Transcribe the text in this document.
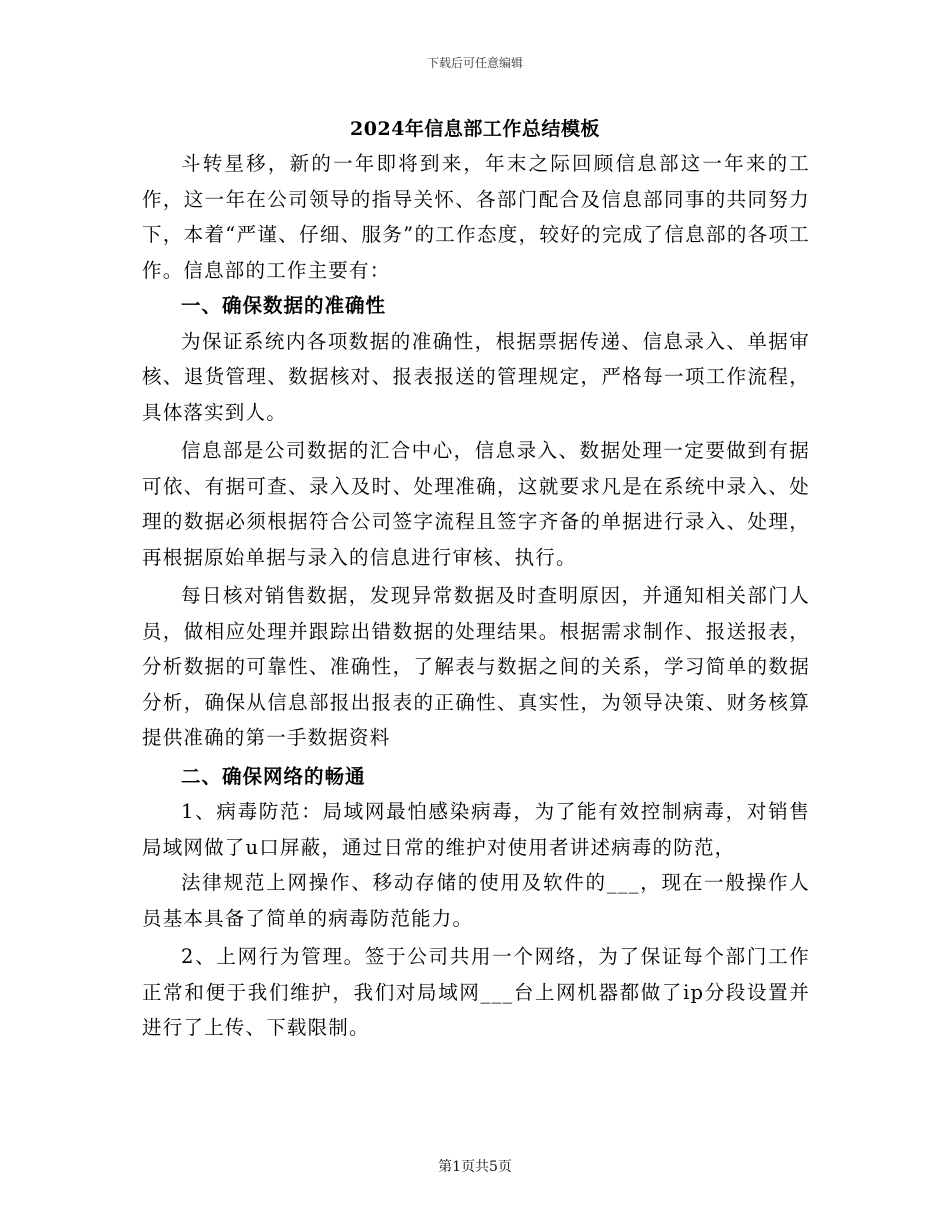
下载后可任意编辑
2024年信息部工作总结模板

斗转星移，新的一年即将到来，年末之际回顾信息部这一年来的工作，这一年在公司领导的指导关怀、各部门配合及信息部同事的共同努力下，本着“严谨、仔细、服务”的工作态度，较好的完成了信息部的各项工作。信息部的工作主要有：

一、确保数据的准确性

为保证系统内各项数据的准确性，根据票据传递、信息录入、单据审核、退货管理、数据核对、报表报送的管理规定，严格每一项工作流程，具体落实到人。

信息部是公司数据的汇合中心，信息录入、数据处理一定要做到有据可依、有据可查、录入及时、处理准确，这就要求凡是在系统中录入、处理的数据必须根据符合公司签字流程且签字齐备的单据进行录入、处理，再根据原始单据与录入的信息进行审核、执行。

每日核对销售数据，发现异常数据及时查明原因，并通知相关部门人员，做相应处理并跟踪出错数据的处理结果。根据需求制作、报送报表，分析数据的可靠性、准确性，了解表与数据之间的关系，学习简单的数据分析，确保从信息部报出报表的正确性、真实性，为领导决策、财务核算提供准确的第一手数据资料

二、确保网络的畅通

1、病毒防范：局域网最怕感染病毒，为了能有效控制病毒，对销售局域网做了u口屏蔽，通过日常的维护对使用者讲述病毒的防范，

法律规范上网操作、移动存储的使用及软件的___，现在一般操作人员基本具备了简单的病毒防范能力。

2、上网行为管理。签于公司共用一个网络，为了保证每个部门工作正常和便于我们维护，我们对局域网___台上网机器都做了ip分段设置并进行了上传、下载限制。

第1页共5页
